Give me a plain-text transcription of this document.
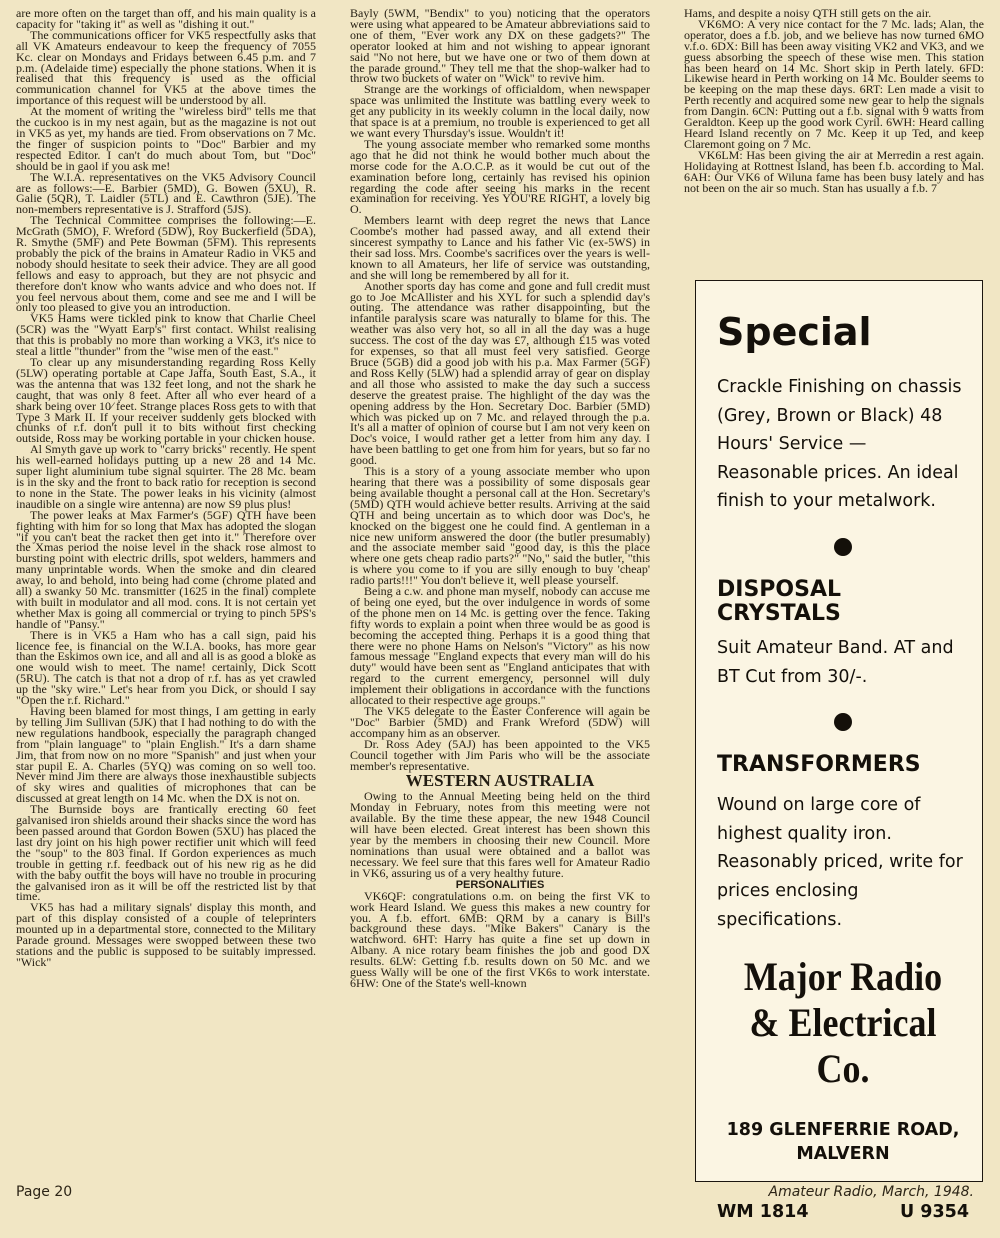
are more often on the target than off, and his main quality is a capacity for "taking it" as well as "dishing it out."

The communications officer for VK5 respectfully asks that all VK Amateurs endeavour to keep the frequency of 7055 Kc. clear on Mondays and Fridays between 6.45 p.m. and 7 p.m. (Adelaide time) especially the phone stations. When it is realised that this frequency is used as the official communication channel for VK5 at the above times the importance of this request will be understood by all.

At the moment of writing the "wireless bird" tells me that the cuckoo is in my nest again, but as the magazine is not out in VK5 as yet, my hands are tied. From observations on 7 Mc. the finger of suspicion points to "Doc" Barbier and my respected Editor. I can't do much about Tom, but "Doc" should be in gaol if you ask me!

The W.I.A. representatives on the VK5 Advisory Council are as follows:—E. Barbier (5MD), G. Bowen (5XU), R. Galie (5QR), T. Laidler (5TL) and E. Cawthron (5JE). The non-members representative is J. Strafford (5JS).

The Technical Committee comprises the following:—E. McGrath (5MO), F. Wreford (5DW), Roy Buckerfield (5DA), R. Smythe (5MF) and Pete Bowman (5FM). This represents probably the pick of the brains in Amateur Radio in VK5 and nobody should hesitate to seek their advice. They are all good fellows and easy to approach, but they are not phsycic and therefore don't know who wants advice and who does not. If you feel nervous about them, come and see me and I will be only too pleased to give you an introduction.

VK5 Hams were tickled pink to know that Charlie Cheel (5CR) was the "Wyatt Earp's" first contact. Whilst realising that this is probably no more than working a VK3, it's nice to steal a little "thunder" from the "wise men of the east."

To clear up any misunderstanding regarding Ross Kelly (5LW) operating portable at Cape Jaffa, South East, S.A., it was the antenna that was 132 feet long, and not the shark he caught, that was only 8 feet. After all who ever heard of a shark being over 10⁄ feet. Strange places Ross gets to with that Type 3 Mark II. If your receiver suddenly gets blocked with chunks of r.f. don't pull it to bits without first checking outside, Ross may be working portable in your chicken house.

Al Smyth gave up work to "carry bricks" recently. He spent his well-earned holidays putting up a new 28 and 14 Mc. super light aluminium tube signal squirter. The 28 Mc. beam is in the sky and the front to back ratio for reception is second to none in the State. The power leaks in his vicinity (almost inaudible on a single wire antenna) are now S9 plus plus!

The power leaks at Max Farmer's (5GF) QTH have been fighting with him for so long that Max has adopted the slogan "if you can't beat the racket then get into it." Therefore over the Xmas period the noise level in the shack rose almost to bursting point with electric drills, spot welders, hammers and many unprintable words. When the smoke and din cleared away, lo and behold, into being had come (chrome plated and all) a swanky 50 Mc. transmitter (1625 in the final) complete with built in modulator and all mod. cons. It is not certain yet whether Max is going all commercial or trying to pinch 5PS's handle of "Pansy."

There is in VK5 a Ham who has a call sign, paid his licence fee, is financial on the W.I.A. books, has more gear than the Eskimos own ice, and all and all is as good a bloke as one would wish to meet. The name! certainly, Dick Scott (5RU). The catch is that not a drop of r.f. has as yet crawled up the "sky wire." Let's hear from you Dick, or should I say "Open the r.f. Richard."

Having been blamed for most things, I am getting in early by telling Jim Sullivan (5JK) that I had nothing to do with the new regulations handbook, especially the paragraph changed from "plain language" to "plain English." It's a darn shame Jim, that from now on no more "Spanish" and just when your star pupil E. A. Charles (5YQ) was coming on so well too. Never mind Jim there are always those inexhaustible subjects of sky wires and qualities of microphones that can be discussed at great length on 14 Mc. when the DX is not on.

The Burnside boys are frantically erecting 60 feet galvanised iron shields around their shacks since the word has been passed around that Gordon Bowen (5XU) has placed the last dry joint on his high power rectifier unit which will feed the "soup" to the 803 final. If Gordon experiences as much trouble in getting r.f. feedback out of his new rig as he did with the baby outfit the boys will have no trouble in procuring the galvanised iron as it will be off the restricted list by that time.

VK5 has had a military signals' display this month, and part of this display consisted of a couple of teleprinters mounted up in a departmental store, connected to the Military Parade ground. Messages were swopped between these two stations and the public is supposed to be suitably impressed. "Wick"

Bayly (5WM, "Bendix" to you) noticing that the operators were using what appeared to be Amateur abbreviations said to one of them, "Ever work any DX on these gadgets?" The operator looked at him and not wishing to appear ignorant said "No not here, but we have one or two of them down at the parade ground." They tell me that the shop-walker had to throw two buckets of water on "Wick" to revive him.

Strange are the workings of officialdom, when newspaper space was unlimited the Institute was battling every week to get any publicity in its weekly column in the local daily, now that space is at a premium, no trouble is experienced to get all we want every Thursday's issue. Wouldn't it!

The young associate member who remarked some months ago that he did not think he would bother much about the morse code for the A.O.C.P. as it would be cut out of the examination before long, certainly has revised his opinion regarding the code after seeing his marks in the recent examination for receiving. Yes YOU'RE RIGHT, a lovely big O.

Members learnt with deep regret the news that Lance Coombe's mother had passed away, and all extend their sincerest sympathy to Lance and his father Vic (ex-5WS) in their sad loss. Mrs. Coombe's sacrifices over the years is well-known to all Amateurs, her life of service was outstanding, and she will long be remembered by all for it.

Another sports day has come and gone and full credit must go to Joe McAllister and his XYL for such a splendid day's outing. The attendance was rather disappointing, but the infantile paralysis scare was naturally to blame for this. The weather was also very hot, so all in all the day was a huge success. The cost of the day was £7, although £15 was voted for expenses, so that all must feel very satisfied. George Bruce (5GB) did a good job with his p.a. Max Farmer (5GF) and Ross Kelly (5LW) had a splendid array of gear on display and all those who assisted to make the day such a success deserve the greatest praise. The highlight of the day was the opening address by the Hon. Secretary Doc. Barbier (5MD) which was picked up on 7 Mc. and relayed through the p.a. It's all a matter of opinion of course but I am not very keen on Doc's voice, I would rather get a letter from him any day. I have been battling to get one from him for years, but so far no good.

This is a story of a young associate member who upon hearing that there was a possibility of some disposals gear being available thought a personal call at the Hon. Secretary's (5MD) QTH would achieve better results. Arriving at the said QTH and being uncertain as to which door was Doc's, he knocked on the biggest one he could find. A gentleman in a nice new uniform answered the door (the butler presumably) and the associate member said "good day, is this the place where one gets cheap radio parts?" "No," said the butler, "this is where you come to if you are silly enough to buy 'cheap' radio parts!!!" You don't believe it, well please yourself.

Being a c.w. and phone man myself, nobody can accuse me of being one eyed, but the over indulgence in words of some of the phone men on 14 Mc. is getting over the fence. Taking fifty words to explain a point when three would be as good is becoming the accepted thing. Perhaps it is a good thing that there were no phone Hams on Nelson's "Victory" as his now famous message "England expects that every man will do his duty" would have been sent as "England anticipates that with regard to the current emergency, personnel will duly implement their obligations in accordance with the functions allocated to their respective age groups."

The VK5 delegate to the Easter Conference will again be "Doc" Barbier (5MD) and Frank Wreford (5DW) will accompany him as an observer.

Dr. Ross Adey (5AJ) has been appointed to the VK5 Council together with Jim Paris who will be the associate member's representative.

WESTERN AUSTRALIA

Owing to the Annual Meeting being held on the third Monday in February, notes from this meeting were not available. By the time these appear, the new 1948 Council will have been elected. Great interest has been shown this year by the members in choosing their new Council. More nominations than usual were obtained and a ballot was necessary. We feel sure that this fares well for Amateur Radio in VK6, assuring us of a very healthy future.

PERSONALITIES

VK6QF: congratulations o.m. on being the first VK to work Heard Island. We guess this makes a new country for you. A f.b. effort. 6MB: QRM by a canary is Bill's background these days. "Mike Bakers" Canary is the watchword. 6HT: Harry has quite a fine set up down in Albany. A nice rotary beam finishes the job and good DX results. 6LW: Getting f.b. results down on 50 Mc. and we guess Wally will be one of the first VK6s to work interstate. 6HW: One of the State's well-known

Hams, and despite a noisy QTH still gets on the air.

VK6MO: A very nice contact for the 7 Mc. lads; Alan, the operator, does a f.b. job, and we believe has now turned 6MO v.f.o. 6DX: Bill has been away visiting VK2 and VK3, and we guess absorbing the speech of these wise men. This station has been heard on 14 Mc. Short skip in Perth lately. 6FD: Likewise heard in Perth working on 14 Mc. Boulder seems to be keeping on the map these days. 6RT: Len made a visit to Perth recently and acquired some new gear to help the signals from Dangin. 6CN: Putting out a f.b. signal with 9 watts from Geraldton. Keep up the good work Cyril. 6WH: Heard calling Heard Island recently on 7 Mc. Keep it up Ted, and keep Claremont going on 7 Mc.

VK6LM: Has been giving the air at Merredin a rest again. Holidaying at Rottnest Island, has been f.b. according to Mal. 6AH: Our VK6 of Wiluna fame has been busy lately and has not been on the air so much. Stan has usually a f.b. 7

Special

Crackle Finishing on chassis (Grey, Brown or Black) 48 Hours' Service — Reasonable prices. An ideal finish to your metalwork.

DISPOSAL CRYSTALS

Suit Amateur Band. AT and BT Cut from 30/-.

TRANSFORMERS

Wound on large core of highest quality iron. Reasonably priced, write for prices enclosing specifications.

Major Radio & Electrical Co.

189 GLENFERRIE ROAD,

MALVERN

WM 1814	U 9354
Page 20	Amateur Radio, March, 1948.
